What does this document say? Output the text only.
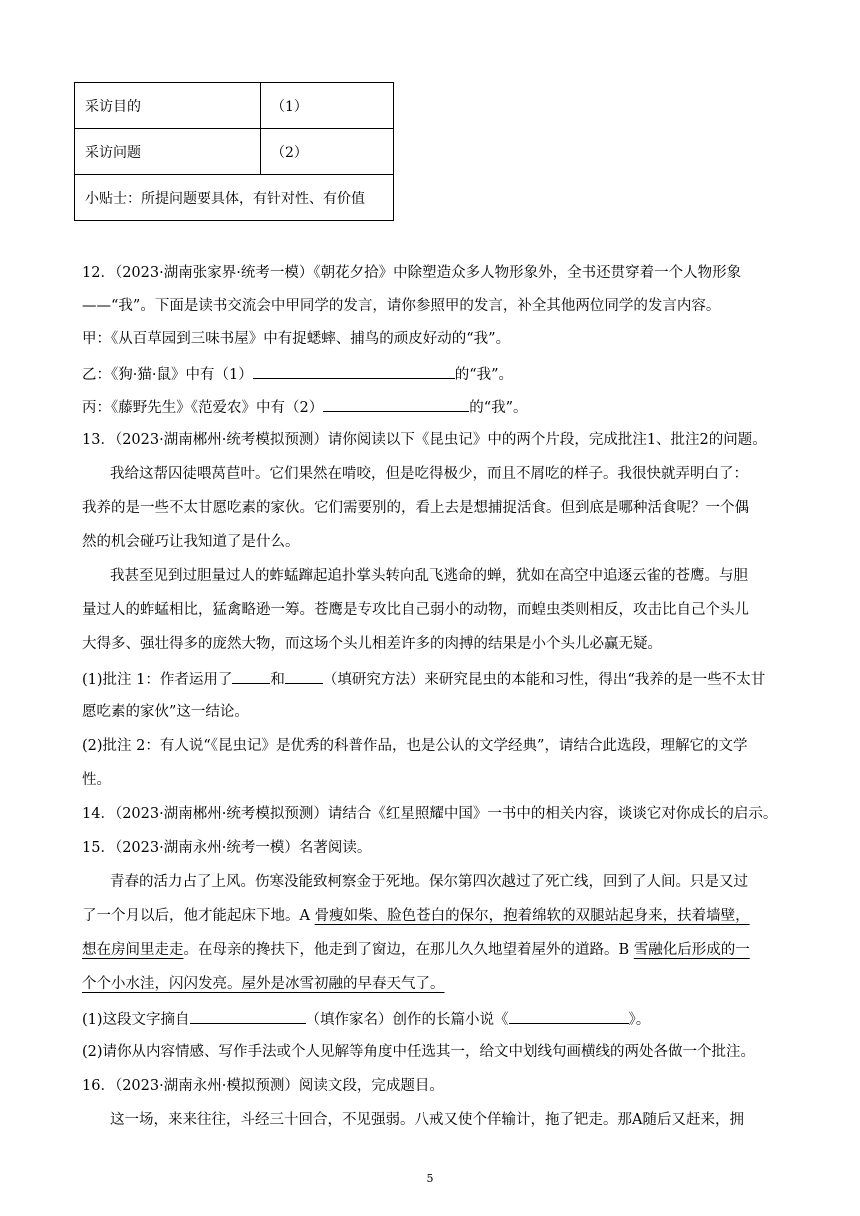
采访目的	（1）
采访问题	（2）
小贴士：所提问题要具体，有针对性、有价值	
12．（2023·湖南张家界·统考一模）《朝花夕拾》中除塑造众多人物形象外，全书还贯穿着一个人物形象
——“我”。下面是读书交流会中甲同学的发言，请你参照甲的发言，补全其他两位同学的发言内容。
甲：《从百草园到三味书屋》中有捉蟋蟀、捕鸟的顽皮好动的“我”。
乙：《狗·猫·鼠》中有（1）	的“我”。
丙：《藤野先生》《范爱农》中有（2）	的“我”。
13．（2023·湖南郴州·统考模拟预测）请你阅读以下《昆虫记》中的两个片段，完成批注1、批注2的问题。
我给这帮囚徒喂莴苣叶。它们果然在啃咬，但是吃得极少，而且不屑吃的样子。我很快就弄明白了：
我养的是一些不太甘愿吃素的家伙。它们需要别的，看上去是想捕捉活食。但到底是哪种活食呢？一个偶
然的机会碰巧让我知道了是什么。
我甚至见到过胆量过人的蚱蜢蹿起追扑掌头转向乱飞逃命的蝉，犹如在高空中追逐云雀的苍鹰。与胆
量过人的蚱蜢相比，猛禽略逊一筹。苍鹰是专攻比自己弱小的动物，而蝗虫类则相反，攻击比自己个头儿
大得多、强壮得多的庞然大物，而这场个头儿相差许多的肉搏的结果是小个头儿必赢无疑。
(1)批注 1：作者运用了	和	（填研究方法）来研究昆虫的本能和习性，得出“我养的是一些不太甘
愿吃素的家伙”这一结论。
(2)批注 2：有人说“《昆虫记》是优秀的科普作品，也是公认的文学经典”，请结合此选段，理解它的文学
性。
14．（2023·湖南郴州·统考模拟预测）请结合《红星照耀中国》一书中的相关内容，谈谈它对你成长的启示。
15．（2023·湖南永州·统考一模）名著阅读。
青春的活力占了上风。伤寒没能致柯察金于死地。保尔第四次越过了死亡线，回到了人间。只是又过
了一个月以后，他才能起床下地。A 骨瘦如柴、脸色苍白的保尔，抱着绵软的双腿站起身来，扶着墙壁，
想在房间里走走。在母亲的搀扶下，他走到了窗边，在那儿久久地望着屋外的道路。B 雪融化后形成的一
个个小水洼，闪闪发亮。屋外是冰雪初融的早春天气了。
(1)这段文字摘自	（填作家名）创作的长篇小说《	》。
(2)请你从内容情感、写作手法或个人见解等角度中任选其一，给文中划线句画横线的两处各做一个批注。
16．（2023·湖南永州·模拟预测）阅读文段，完成题目。
这一场，来来往往，斗经三十回合，不见强弱。八戒又使个佯输计，拖了钯走。那A随后又赶来，拥
5
